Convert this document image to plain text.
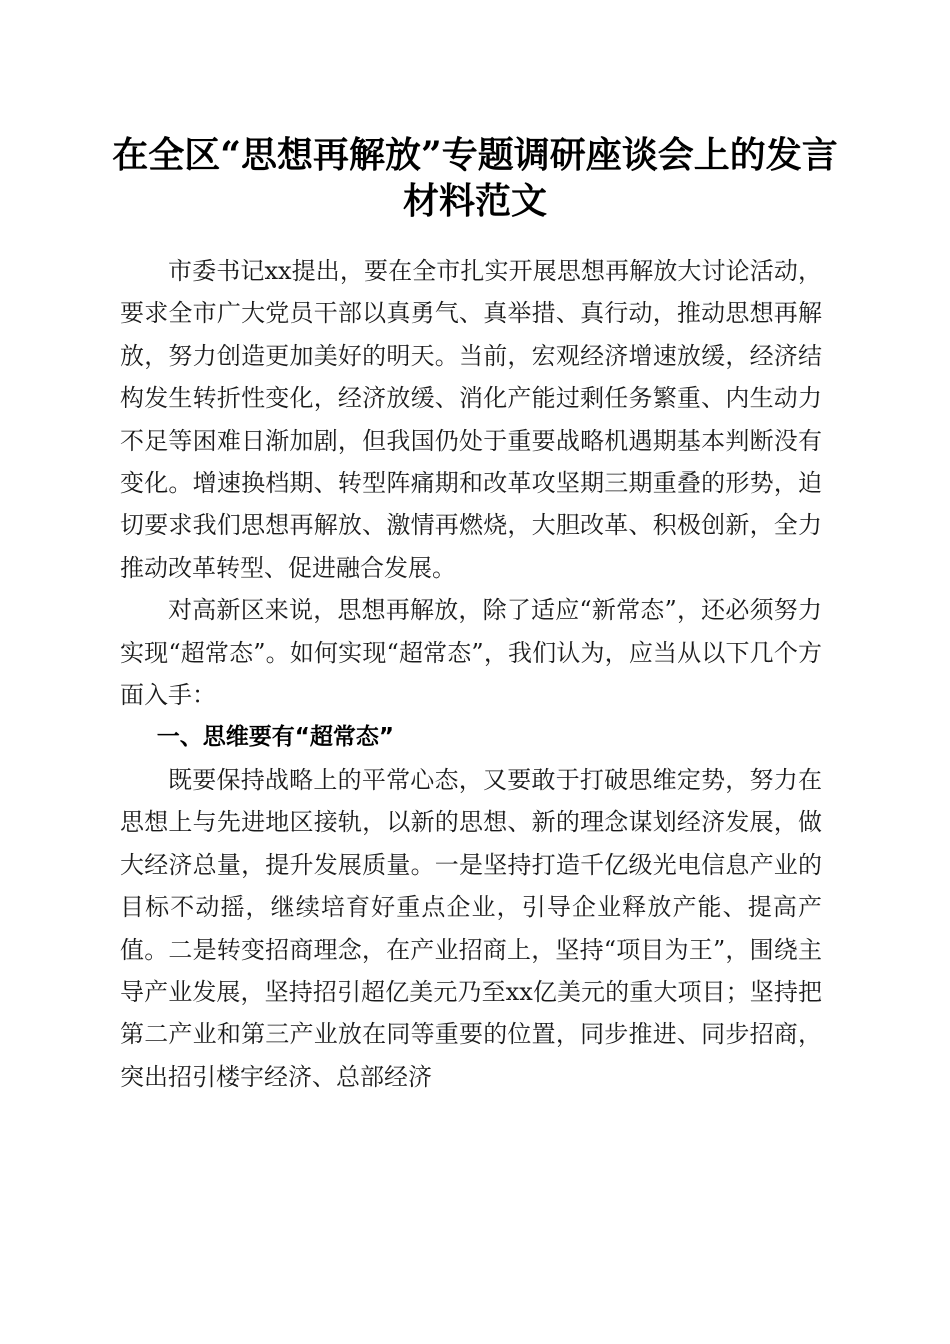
在全区“思想再解放”专题调研座谈会上的发言材料范文

市委书记xx提出，要在全市扎实开展思想再解放大讨论活动，要求全市广大党员干部以真勇气、真举措、真行动，推动思想再解放，努力创造更加美好的明天。当前，宏观经济增速放缓，经济结构发生转折性变化，经济放缓、消化产能过剩任务繁重、内生动力不足等困难日渐加剧，但我国仍处于重要战略机遇期基本判断没有变化。增速换档期、转型阵痛期和改革攻坚期三期重叠的形势，迫切要求我们思想再解放、激情再燃烧，大胆改革、积极创新，全力推动改革转型、促进融合发展。

对高新区来说，思想再解放，除了适应“新常态”，还必须努力实现“超常态”。如何实现“超常态”，我们认为，应当从以下几个方面入手：

一、思维要有“超常态”

既要保持战略上的平常心态，又要敢于打破思维定势，努力在思想上与先进地区接轨，以新的思想、新的理念谋划经济发展，做大经济总量，提升发展质量。一是坚持打造千亿级光电信息产业的目标不动摇，继续培育好重点企业，引导企业释放产能、提高产值。二是转变招商理念，在产业招商上，坚持“项目为王”，围绕主导产业发展，坚持招引超亿美元乃至xx亿美元的重大项目；坚持把第二产业和第三产业放在同等重要的位置，同步推进、同步招商，突出招引楼宇经济、总部经济
